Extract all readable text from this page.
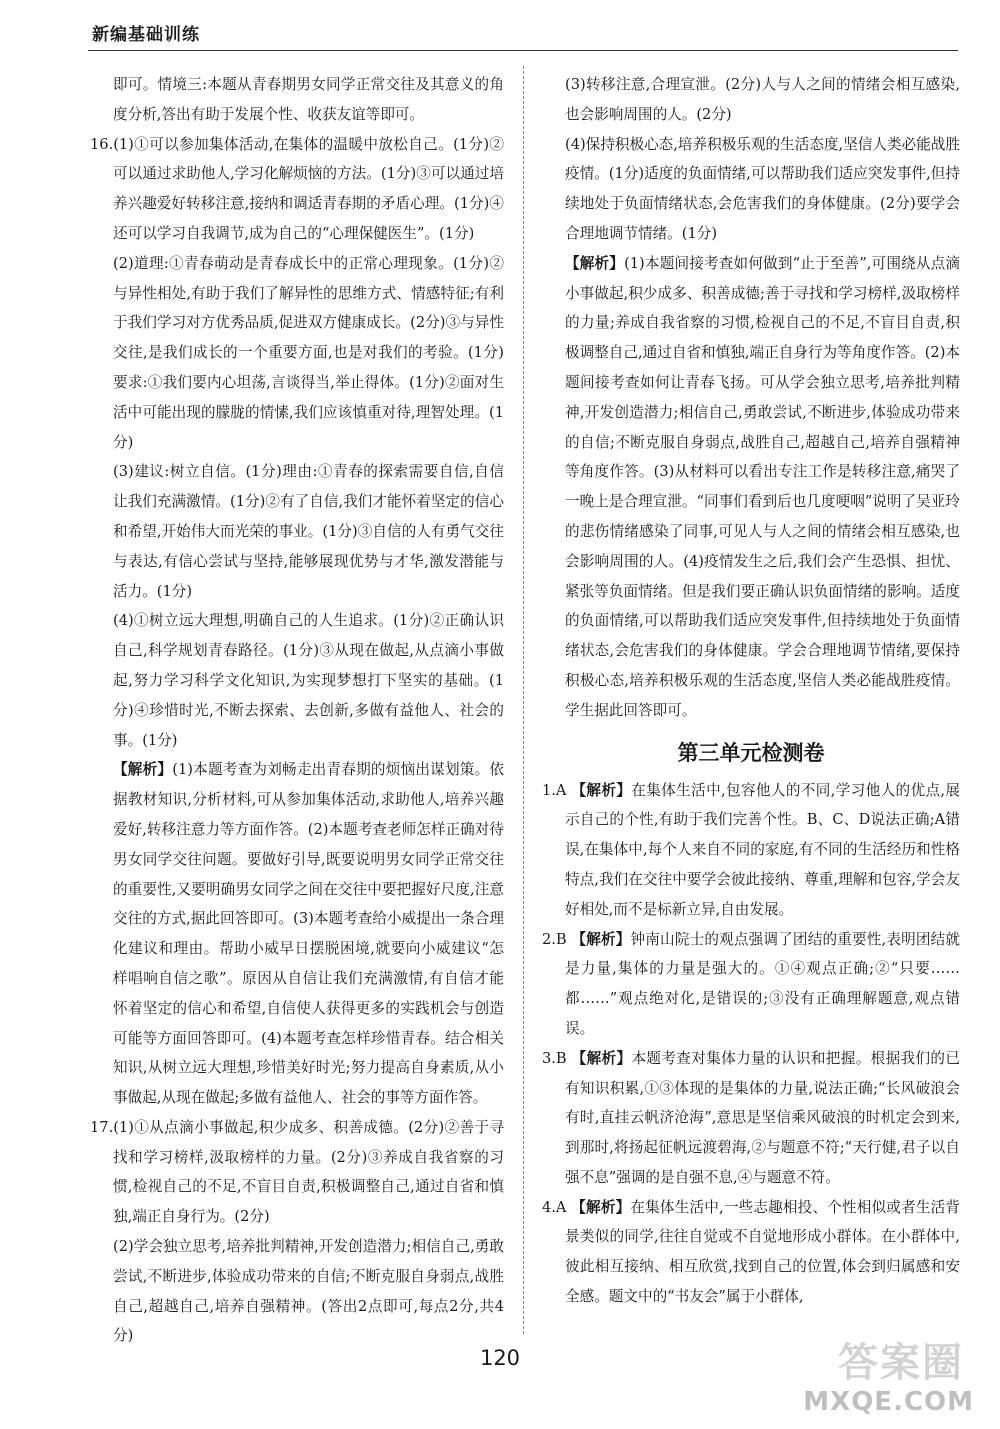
新编基础训练

即可。情境三:本题从青春期男女同学正常交往及其意义的角度分析,答出有助于发展个性、收获友谊等即可。

16.(1)①可以参加集体活动,在集体的温暖中放松自己。(1分)②可以通过求助他人,学习化解烦恼的方法。(1分)③可以通过培养兴趣爱好转移注意,接纳和调适青春期的矛盾心理。(1分)④还可以学习自我调节,成为自己的“心理保健医生”。(1分)

(2)道理:①青春萌动是青春成长中的正常心理现象。(1分)②与异性相处,有助于我们了解异性的思维方式、情感特征;有利于我们学习对方优秀品质,促进双方健康成长。(2分)③与异性交往,是我们成长的一个重要方面,也是对我们的考验。(1分)要求:①我们要内心坦荡,言谈得当,举止得体。(1分)②面对生活中可能出现的朦胧的情愫,我们应该慎重对待,理智处理。(1分)

(3)建议:树立自信。(1分)理由:①青春的探索需要自信,自信让我们充满激情。(1分)②有了自信,我们才能怀着坚定的信心和希望,开始伟大而光荣的事业。(1分)③自信的人有勇气交往与表达,有信心尝试与坚持,能够展现优势与才华,激发潜能与活力。(1分)

(4)①树立远大理想,明确自己的人生追求。(1分)②正确认识自己,科学规划青春路径。(1分)③从现在做起,从点滴小事做起,努力学习科学文化知识,为实现梦想打下坚实的基础。(1分)④珍惜时光,不断去探索、去创新,多做有益他人、社会的事。(1分)

【解析】(1)本题考查为刘畅走出青春期的烦恼出谋划策。依据教材知识,分析材料,可从参加集体活动,求助他人,培养兴趣爱好,转移注意力等方面作答。(2)本题考查老师怎样正确对待男女同学交往问题。要做好引导,既要说明男女同学正常交往的重要性,又要明确男女同学之间在交往中要把握好尺度,注意交往的方式,据此回答即可。(3)本题考查给小威提出一条合理化建议和理由。帮助小威早日摆脱困境,就要向小威建议“怎样唱响自信之歌”。原因从自信让我们充满激情,有自信才能怀着坚定的信心和希望,自信使人获得更多的实践机会与创造可能等方面回答即可。(4)本题考查怎样珍惜青春。结合相关知识,从树立远大理想,珍惜美好时光;努力提高自身素质,从小事做起,从现在做起;多做有益他人、社会的事等方面作答。

17.(1)①从点滴小事做起,积少成多、积善成德。(2分)②善于寻找和学习榜样,汲取榜样的力量。(2分)③养成自我省察的习惯,检视自己的不足,不盲目自责,积极调整自己,通过自省和慎独,端正自身行为。(2分)

(2)学会独立思考,培养批判精神,开发创造潜力;相信自己,勇敢尝试,不断进步,体验成功带来的自信;不断克服自身弱点,战胜自己,超越自己,培养自强精神。(答出2点即可,每点2分,共4分)

(3)转移注意,合理宣泄。(2分)人与人之间的情绪会相互感染,也会影响周围的人。(2分)

(4)保持积极心态,培养积极乐观的生活态度,坚信人类必能战胜疫情。(1分)适度的负面情绪,可以帮助我们适应突发事件,但持续地处于负面情绪状态,会危害我们的身体健康。(2分)要学会合理地调节情绪。(1分)

【解析】(1)本题间接考查如何做到“止于至善”,可围绕从点滴小事做起,积少成多、积善成德;善于寻找和学习榜样,汲取榜样的力量;养成自我省察的习惯,检视自己的不足,不盲目自责,积极调整自己,通过自省和慎独,端正自身行为等角度作答。(2)本题间接考查如何让青春飞扬。可从学会独立思考,培养批判精神,开发创造潜力;相信自己,勇敢尝试,不断进步,体验成功带来的自信;不断克服自身弱点,战胜自己,超越自己,培养自强精神等角度作答。(3)从材料可以看出专注工作是转移注意,痛哭了一晚上是合理宣泄。“同事们看到后也几度哽咽”说明了吴亚玲的悲伤情绪感染了同事,可见人与人之间的情绪会相互感染,也会影响周围的人。(4)疫情发生之后,我们会产生恐惧、担忧、紧张等负面情绪。但是我们要正确认识负面情绪的影响。适度的负面情绪,可以帮助我们适应突发事件,但持续地处于负面情绪状态,会危害我们的身体健康。学会合理地调节情绪,要保持积极心态,培养积极乐观的生活态度,坚信人类必能战胜疫情。学生据此回答即可。

第三单元检测卷

1.A 【解析】在集体生活中,包容他人的不同,学习他人的优点,展示自己的个性,有助于我们完善个性。B、C、D说法正确;A错误,在集体中,每个人来自不同的家庭,有不同的生活经历和性格特点,我们在交往中要学会彼此接纳、尊重,理解和包容,学会友好相处,而不是标新立异,自由发展。

2.B 【解析】钟南山院士的观点强调了团结的重要性,表明团结就是力量,集体的力量是强大的。①④观点正确;②“只要……都……”观点绝对化,是错误的;③没有正确理解题意,观点错误。

3.B 【解析】本题考查对集体力量的认识和把握。根据我们的已有知识积累,①③体现的是集体的力量,说法正确;“长风破浪会有时,直挂云帆济沧海”,意思是坚信乘风破浪的时机定会到来,到那时,将扬起征帆远渡碧海,②与题意不符;“天行健,君子以自强不息”强调的是自强不息,④与题意不符。

4.A 【解析】在集体生活中,一些志趣相投、个性相似或者生活背景类似的同学,往往自觉或不自觉地形成小群体。在小群体中,彼此相互接纳、相互欣赏,找到自己的位置,体会到归属感和安全感。题文中的“书友会”属于小群体,

120	答案圈
MXQE.COM
